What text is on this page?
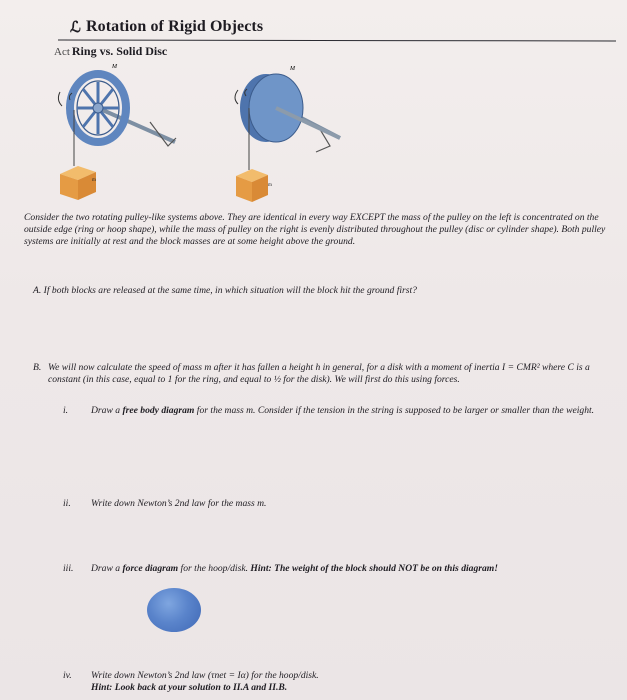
ℒ Rotation of Rigid Objects
Act Ring vs. Solid Disc
M
m
M
m
Consider the two rotating pulley-like systems above. They are identical in every way EXCEPT the mass of the pulley on the left is concentrated on the outside edge (ring or hoop shape), while the mass of pulley on the right is evenly distributed throughout the pulley (disc or cylinder shape). Both pulley systems are initially at rest and the block masses are at some height above the ground.
A. If both blocks are released at the same time, in which situation will the block hit the ground first?
B. We will now calculate the speed of mass m after it has fallen a height h in general, for a disk with a moment of inertia I = CMR² where C is a constant (in this case, equal to 1 for the ring, and equal to ½ for the disk). We will first do this using forces.
i. Draw a free body diagram for the mass m. Consider if the tension in the string is supposed to be larger or smaller than the weight.
ii. Write down Newton’s 2nd law for the mass m.
iii. Draw a force diagram for the hoop/disk. Hint: The weight of the block should NOT be on this diagram!
iv. Write down Newton’s 2nd law (τnet = Iα) for the hoop/disk.
Hint: Look back at your solution to II.A and II.B.
